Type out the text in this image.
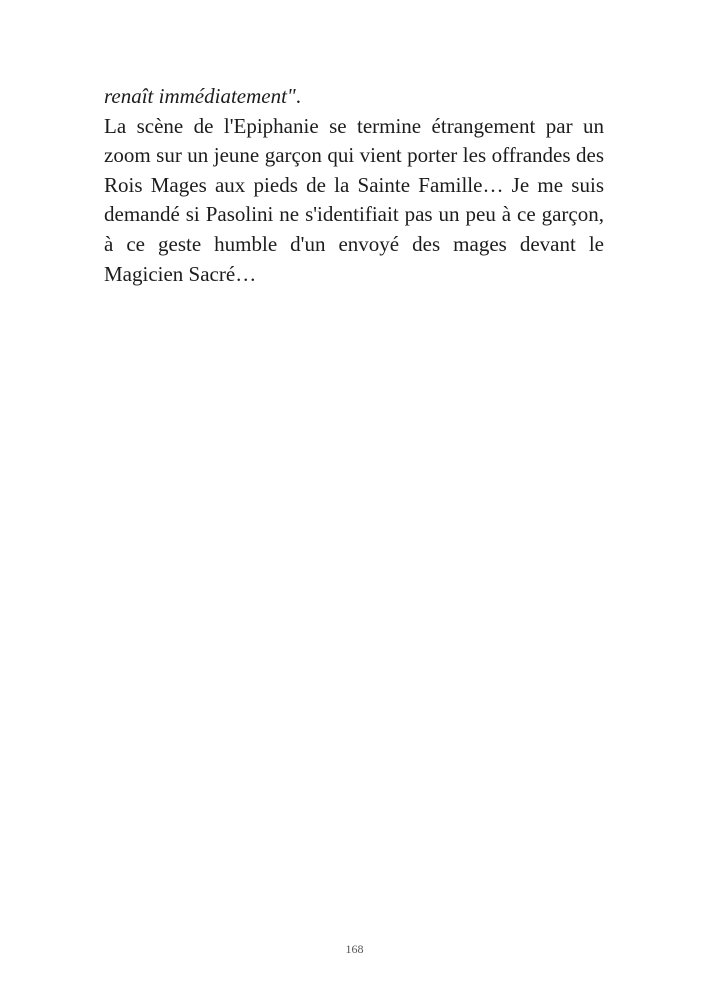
renaît immédiatement".

La scène de l'Epiphanie se termine étrangement par un zoom sur un jeune garçon qui vient porter les offrandes des Rois Mages aux pieds de la Sainte Famille… Je me suis demandé si Pasolini ne s'identifiait pas un peu à ce garçon, à ce geste humble d'un envoyé des mages devant le Magicien Sacré…

168
